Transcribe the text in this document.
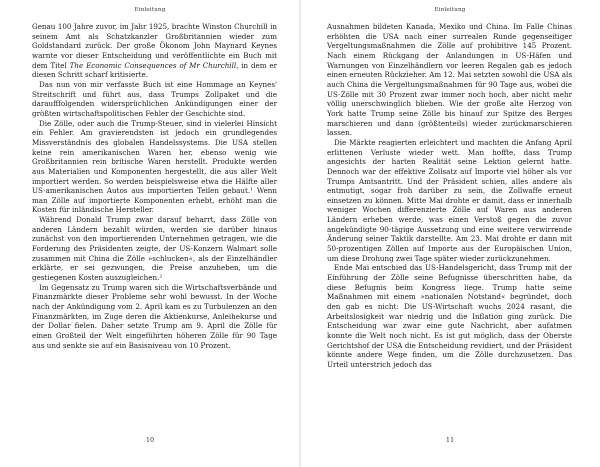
Einleitung

Genau 100 Jahre zuvor, im Jahr 1925, brachte Winston Churchill in seinem Amt als Schatzkanzler Großbritannien wieder zum Goldstandard zurück. Der große Ökonom John Maynard Keynes warnte vor dieser Entscheidung und veröffentlichte ein Buch mit dem Titel The Economic Consequences of Mr Churchill, in dem er diesen Schritt scharf kritisierte.

Das nun von mir verfasste Buch ist eine Hommage an Keynes' Streitschrift und führt aus, dass Trumps Zollpaket und die daraufffolgenden widersprüchlichen Ankündigungen einer der größten wirtschaftspolitischen Fehler der Geschichte sind.

Die Zölle, oder auch die Trump-Steuer, sind in vielerlei Hinsicht ein Fehler. Am gravierendsten ist jedoch ein grundlegendes Missverständnis des globalen Handelssystems. Die USA stellen keine rein amerikanischen Waren her, ebenso wenig wie Großbritannien rein britische Waren herstellt. Produkte werden aus Materialien und Komponenten hergestellt, die aus aller Welt importiert werden. So werden beispielsweise etwa die Hälfte aller US-amerikanischen Autos aus importierten Teilen gebaut.¹ Wenn man Zölle auf importierte Komponenten erhebt, erhöht man die Kosten für inländische Hersteller.

Während Donald Trump zwar darauf beharrt, dass Zölle von anderen Ländern bezahlt würden, werden sie darüber hinaus zunächst von den importierenden Unternehmen getragen, wie die Forderung des Präsidenten zeigte, der US-Konzern Walmart solle zusammen mit China die Zölle »schlucken«, als der Einzelhändler erklärte, er sei gezwungen, die Preise anzuheben, um die gestiegenen Kosten auszugleichen.²

Im Gegensatz zu Trump waren sich die Wirtschaftsverbände und Finanzmärkte dieser Probleme sehr wohl bewusst. In der Woche nach der Ankündigung vom 2. April kam es zu Turbulenzen an den Finanzmärkten, im Zuge deren die Aktienkurse, Anleihekurse und der Dollar fielen. Daher setzte Trump am 9. April die Zölle für einen Großteil der Welt eingeführten höheren Zölle für 90 Tage aus und senkte sie auf ein Basisniveau von 10 Prozent.

10
Einleitung

Ausnahmen bildeten Kanada, Mexiko und China. Im Falle Chinas erhöhten die USA nach einer surrealen Runde gegenseitiger Vergeltungsmaßnahmen die Zölle auf prohibitive 145 Prozent. Nach einem Rückgang der Anlandungen in US-Häfen und Warnungen von Einzelhändlern vor leeren Regalen gab es jedoch einen erneuten Rückzieher. Am 12. Mai setzten sowohl die USA als auch China die Vergeltungsmaßnahmen für 90 Tage aus, wobei die US-Zölle mit 30 Prozent zwar immer noch hoch, aber nicht mehr völlig unerschwinglich blieben. Wie der große alte Herzog von York hatte Trump seine Zölle bis hinauf zur Spitze des Berges marschieren und dann (größtenteils) wieder zurückmarschieren lassen.

Die Märkte reagierten erleichtert und machten die Anfang April erlittenen Verluste wieder wett. Man hoffte, dass Trump angesichts der harten Realität seine Lektion gelernt hatte. Dennoch war der effektive Zollsatz auf Importe viel höher als vor Trumps Amtsantritt. Und der Präsident schien, alles andere als entmutigt, sogar froh darüber zu sein, die Zollwaffe erneut einsetzen zu können. Mitte Mai drohte er damit, dass er innerhalb weniger Wochen differenzierte Zölle auf Waren aus anderen Ländern erheben werde, was einen Verstoß gegen die zuvor angekündigte 90-tägige Aussetzung und eine weitere verwirrende Änderung seiner Taktik darstellte. Am 23. Mai drohte er dann mit 50-prozentigen Zöllen auf Importe aus der Europäischen Union, um diese Drohung zwei Tage später wieder zurückzunehmen.

Ende Mai entschied das US-Handelsgericht, dass Trump mit der Einführung der Zölle seine Befugnisse überschritten habe, da diese Befugnis beim Kongress liege. Trump hatte seine Maßnahmen mit einem »nationalen Notstand« begründet, doch den gab es nicht: Die US-Wirtschaft wuchs 2024 rasant, die Arbeitslosigkeit war niedrig und die Inflation ging zurück. Die Entscheidung war zwar eine gute Nachricht, aber aufatmen konnte die Welt noch nicht. Es ist gut möglich, dass der Oberste Gerichtshof der USA die Entscheidung revidiert, und der Präsident könnte andere Wege finden, um die Zölle durchzusetzen. Das Urteil unterstrich jedoch das

11
